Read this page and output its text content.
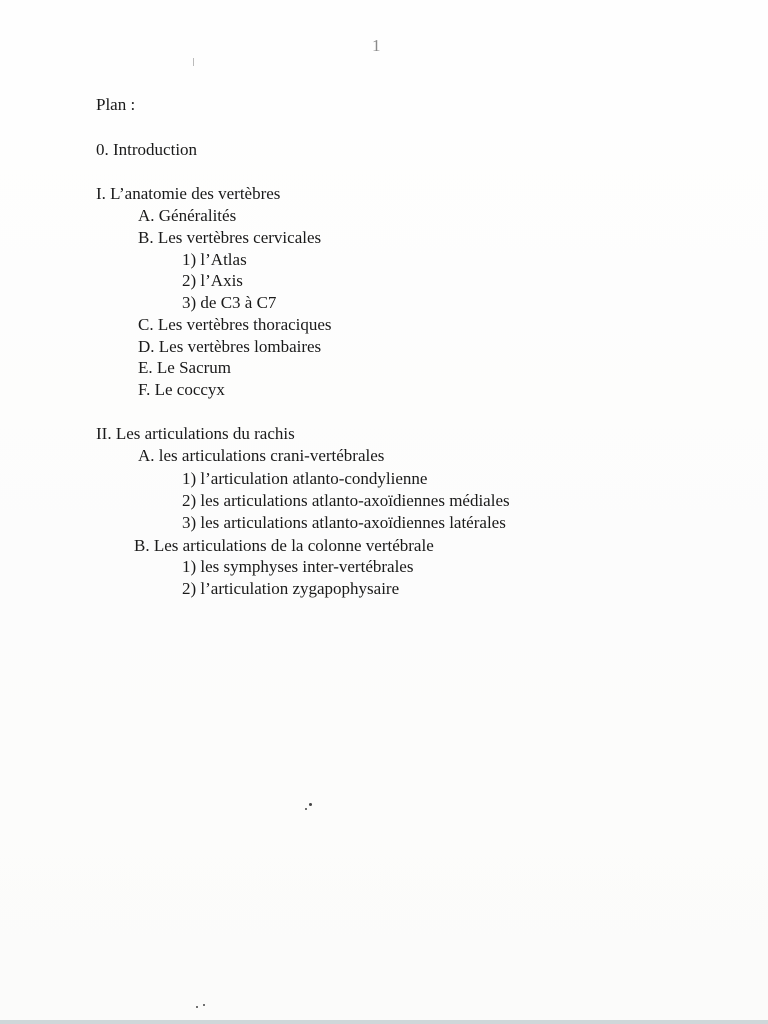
1
Plan :
0. Introduction
I. L’anatomie des vertèbres
A. Généralités
B. Les vertèbres cervicales
1) l’Atlas
2) l’Axis
3) de C3 à C7
C. Les vertèbres thoraciques
D. Les vertèbres lombaires
E. Le Sacrum
F. Le coccyx
II. Les articulations du rachis
A. les articulations crani-vertébrales
1) l’articulation atlanto-condylienne
2) les articulations atlanto-axoïdiennes médiales
3) les articulations atlanto-axoïdiennes latérales
B. Les articulations de la colonne vertébrale
1) les symphyses inter-vertébrales
2) l’articulation zygapophysaire
